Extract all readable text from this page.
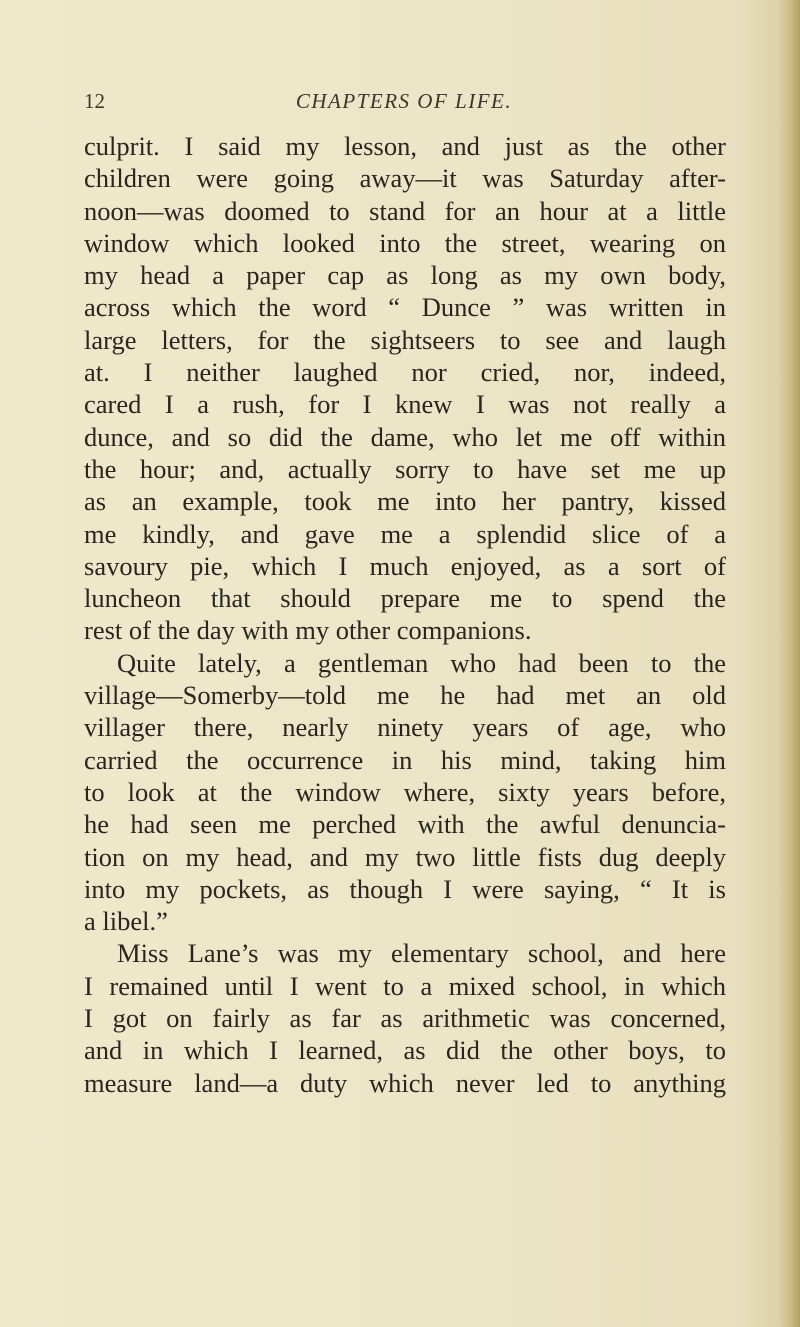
12	CHAPTERS OF LIFE.
culprit. I said my lesson, and just as the other
children were going away—it was Saturday after-
noon—was doomed to stand for an hour at a little
window which looked into the street, wearing on
my head a paper cap as long as my own body,
across which the word “ Dunce ” was written in
large letters, for the sightseers to see and laugh
at. I neither laughed nor cried, nor, indeed,
cared I a rush, for I knew I was not really a
dunce, and so did the dame, who let me off within
the hour; and, actually sorry to have set me up
as an example, took me into her pantry, kissed
me kindly, and gave me a splendid slice of a
savoury pie, which I much enjoyed, as a sort of
luncheon that should prepare me to spend the
rest of the day with my other companions.
Quite lately, a gentleman who had been to the
village—Somerby—told me he had met an old
villager there, nearly ninety years of age, who
carried the occurrence in his mind, taking him
to look at the window where, sixty years before,
he had seen me perched with the awful denuncia-
tion on my head, and my two little fists dug deeply
into my pockets, as though I were saying, “ It is
a libel.”
Miss Lane’s was my elementary school, and here
I remained until I went to a mixed school, in which
I got on fairly as far as arithmetic was concerned,
and in which I learned, as did the other boys, to
measure land—a duty which never led to anything
